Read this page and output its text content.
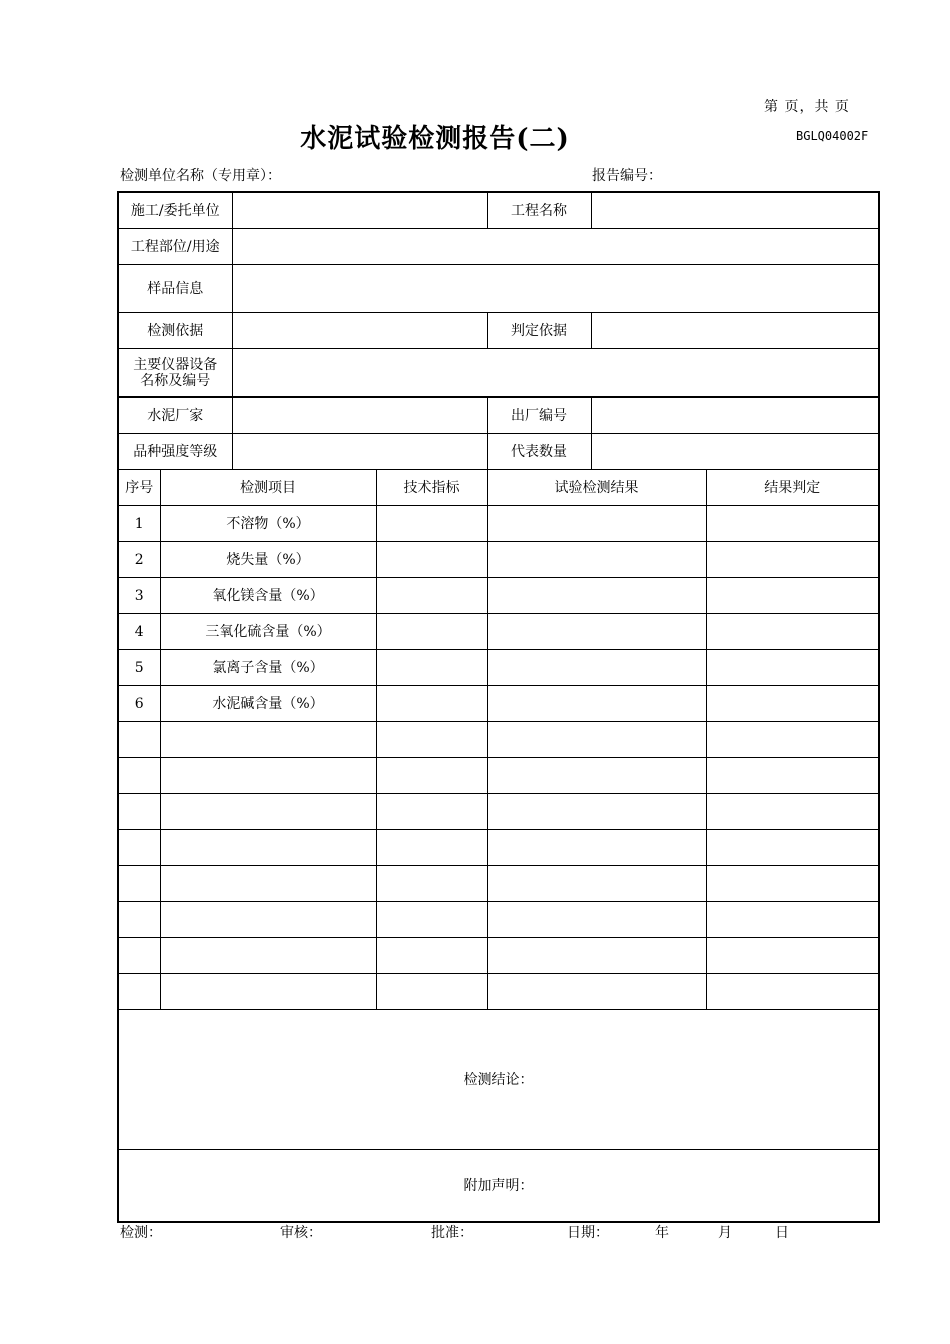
第 页，共 页
水泥试验检测报告(二)	BGLQ04002F
检测单位名称（专用章）：	报告编号：
施工/委托单位				工程名称		
工程部位/用途						
样品信息						
检测依据				判定依据		
主要仪器设备名称及编号						
水泥厂家				出厂编号		
品种强度等级				代表数量		
序号	检测项目		技术指标	试验检测结果		结果判定
1	不溶物（%）					
2	烧失量（%）					
3	氧化镁含量（%）					
4	三氧化硫含量（%）					
5	氯离子含量（%）					
6	水泥碱含量（%）					

检测结论：						
附加声明：						
检测：	审核：	批准：	日期：	年	月	日
